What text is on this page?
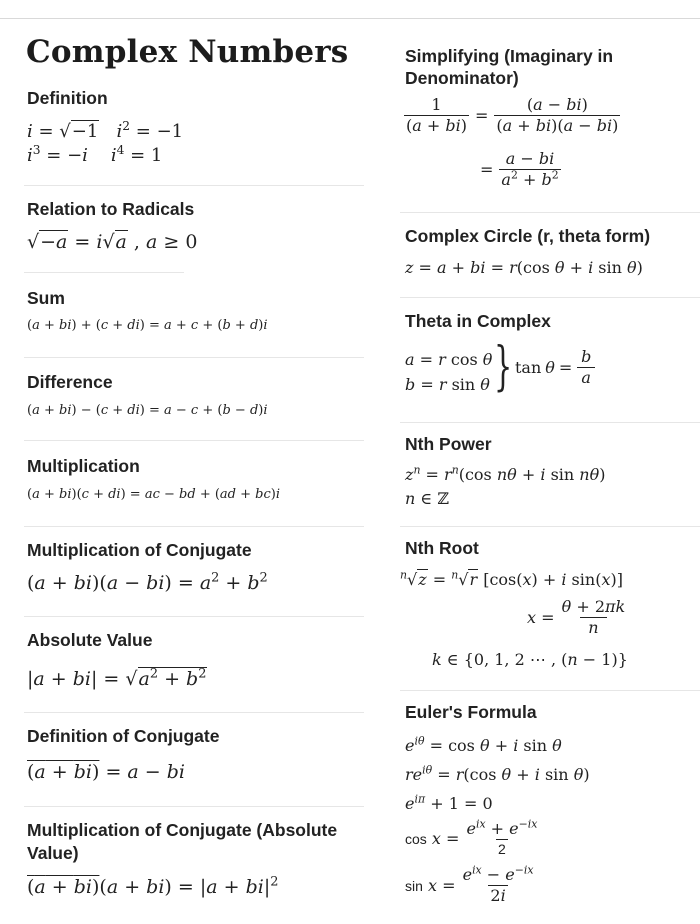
Complex Numbers
Definition
i = √−1 $i^2 = -1$
$i^3 = -i$ $i^4 = 1$
Relation to Radicals
√−a = i√a , a ≥ 0
Sum
(a + bi) + (c + di) = a + c + (b + d)i
Difference
(a + bi) − (c + di) = a − c + (b − d)i
Multiplication
(a + bi)(c + di) = ac − bd + (ad + bc)i
Multiplication of Conjugate
$(a + bi)(a - bi) = a^2 + b^2$
Absolute Value
$|a + bi| = √a^2 + b^2$
Definition of Conjugate
(a + bi) = a − bi
Multiplication of Conjugate (Absolute Value)
$(a + bi)(a + bi) = |a + bi|^2$
Simplifying (Imaginary in Denominator)
$\frac{1}{(a + bi)} = \frac{(a - bi)}{(a + bi)(a - bi)}$
= $\frac{a - bi}{a^2 + b^2}$
Complex Circle (r, theta form)
z = a + bi = r(cos θ + i sin θ)
Theta in Complex
a = r cos θ
b = r sin θ } tan θ =
b
a
Nth Power
$z^n = r^n(\cos$ nθ + i sin nθ)
n ∈ ℤ
Nth Root
$^n$√z = $^n$√r [cos(x) + i sin(x)]
x =
θ + 2πk
n
k ∈ {0, 1, 2 ⋯ , (n − 1)}
Euler's Formula
$e^{i\theta} = \cos \theta + i$ sin θ
$re^{i\theta} = r(\cos$ θ + i sin θ)
$e^{i\pi} + 1 = 0$
cos
x =
$e^{ix} + e^{-ix}$
2
sin
x =
$e^{ix} - e^{-ix}$
2i
